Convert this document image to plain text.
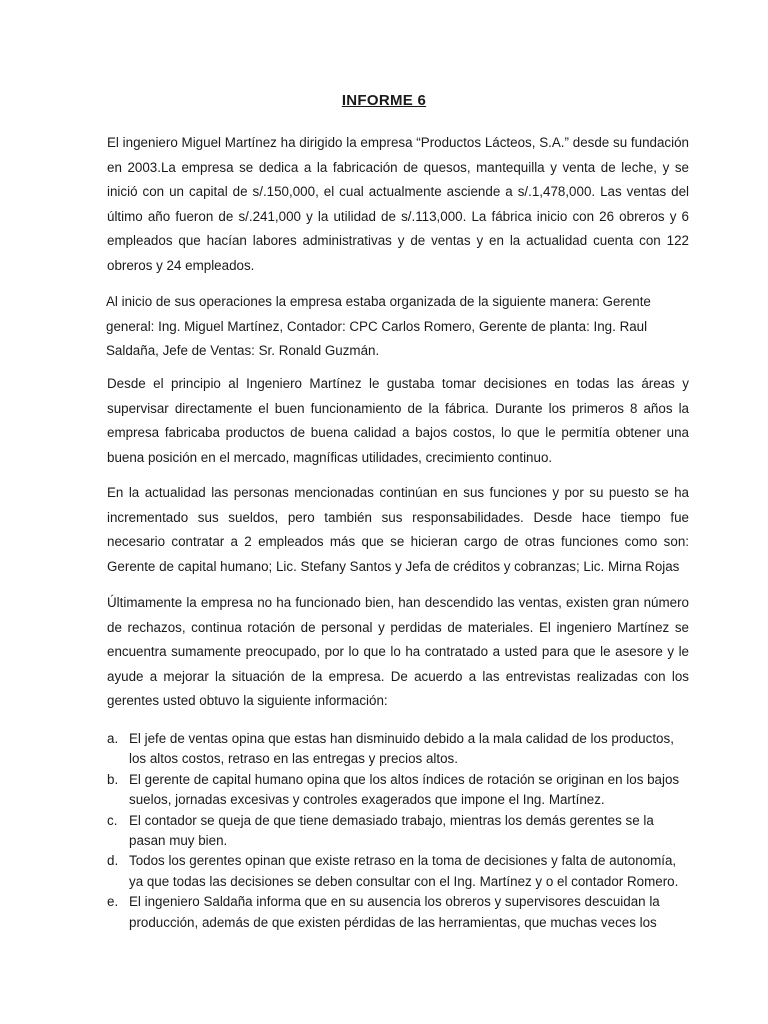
INFORME 6
El ingeniero Miguel Martínez ha dirigido la empresa “Productos Lácteos, S.A.” desde su fundación en 2003.La empresa se dedica a la fabricación de quesos, mantequilla y venta de leche, y se inició con un capital de s/.150,000, el cual actualmente asciende a s/.1,478,000. Las ventas del último año fueron de s/.241,000 y la utilidad de s/.113,000. La fábrica inicio con 26 obreros y 6 empleados que hacían labores administrativas y de ventas y en la actualidad cuenta con 122 obreros y 24 empleados.
Al inicio de sus operaciones la empresa estaba organizada de la siguiente manera: Gerente general: Ing. Miguel Martínez, Contador: CPC Carlos Romero, Gerente de planta: Ing. Raul Saldaña, Jefe de Ventas: Sr. Ronald Guzmán.
Desde el principio al Ingeniero Martínez le gustaba tomar decisiones en todas las áreas y supervisar directamente el buen funcionamiento de la fábrica. Durante los primeros 8 años la empresa fabricaba productos de buena calidad a bajos costos, lo que le permitía obtener una buena posición en el mercado, magníficas utilidades, crecimiento continuo.
En la actualidad las personas mencionadas continúan en sus funciones y por su puesto se ha incrementado sus sueldos, pero también sus responsabilidades. Desde hace tiempo fue necesario contratar a 2 empleados más que se hicieran cargo de otras funciones como son: Gerente de capital humano; Lic. Stefany Santos y Jefa de créditos y cobranzas; Lic. Mirna Rojas
Últimamente la empresa no ha funcionado bien, han descendido las ventas, existen gran número de rechazos, continua rotación de personal y perdidas de materiales. El ingeniero Martínez se encuentra sumamente preocupado, por lo que lo ha contratado a usted para que le asesore y le ayude a mejorar la situación de la empresa. De acuerdo a las entrevistas realizadas con los gerentes usted obtuvo la siguiente información:
a. El jefe de ventas opina que estas han disminuido debido a la mala calidad de los productos, los altos costos, retraso en las entregas y precios altos.
b. El gerente de capital humano opina que los altos índices de rotación se originan en los bajos suelos, jornadas excesivas y controles exagerados que impone el Ing. Martínez.
c. El contador se queja de que tiene demasiado trabajo, mientras los demás gerentes se la pasan muy bien.
d. Todos los gerentes opinan que existe retraso en la toma de decisiones y falta de autonomía, ya que todas las decisiones se deben consultar con el Ing. Martínez y o el contador Romero.
e. El ingeniero Saldaña informa que en su ausencia los obreros y supervisores descuidan la producción, además de que existen pérdidas de las herramientas, que muchas veces los
